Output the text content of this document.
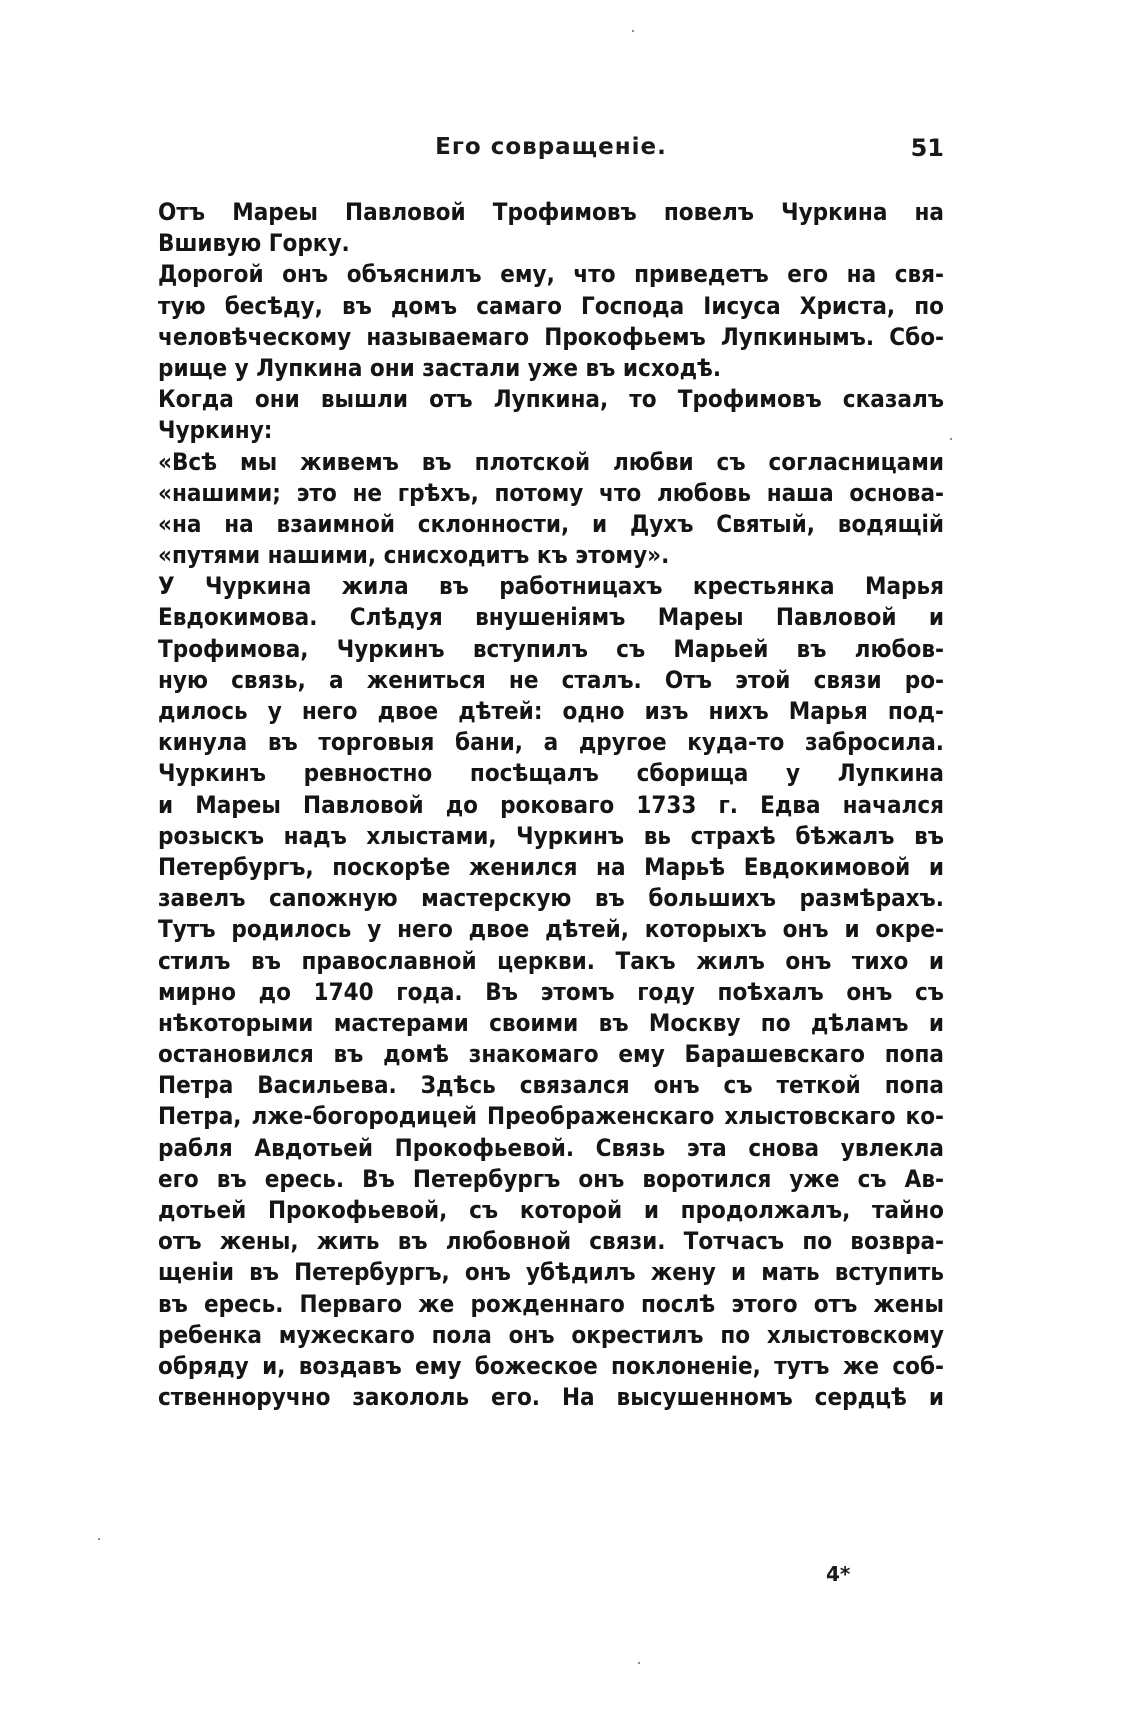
Его совращеніе.	51
Отъ Мареы Павловой Трофимовъ повелъ Чуркина на
Вшивую Горку.
Дорогой онъ объяснилъ ему, что приведетъ его на свя-
тую бесѣду, въ домъ самаго Господа Іисуса Христа, по
человѣческому называемаго Прокофьемъ Лупкинымъ. Сбо-
рище у Лупкина они застали уже въ исходѣ.
Когда они вышли отъ Лупкина, то Трофимовъ сказалъ
Чуркину:
«Всѣ мы живемъ въ плотской любви съ согласницами
«нашими; это не грѣхъ, потому что любовь наша основа-
«на на взаимной склонности, и Духъ Святый, водящій
«путями нашими, снисходитъ къ этому».
У Чуркина жила въ работницахъ крестьянка Марья
Евдокимова. Слѣдуя внушеніямъ Мареы Павловой и
Трофимова, Чуркинъ вступилъ съ Марьей въ любов-
ную связь, а жениться не сталъ. Отъ этой связи ро-
дилось у него двое дѣтей: одно изъ нихъ Марья под-
кинула въ торговыя бани, а другое куда-то забросила.
Чуркинъ ревностно посѣщалъ сборища у Лупкина
и Мареы Павловой до роковаго 1733 г. Едва начался
розыскъ надъ хлыстами, Чуркинъ вь страхѣ бѣжалъ въ
Петербургъ, поскорѣе женился на Марьѣ Евдокимовой и
завелъ сапожную мастерскую въ большихъ размѣрахъ.
Тутъ родилось у него двое дѣтей, которыхъ онъ и окре-
стилъ въ православной церкви. Такъ жилъ онъ тихо и
мирно до 1740 года. Въ этомъ году поѣхалъ онъ съ
нѣкоторыми мастерами своими въ Москву по дѣламъ и
остановился въ домѣ знакомаго ему Барашевскаго попа
Петра Васильева. Здѣсь связался онъ съ теткой попа
Петра, лже-богородицей Преображенскаго хлыстовскаго ко-
рабля Авдотьей Прокофьевой. Связь эта снова увлекла
его въ ересь. Въ Петербургъ онъ воротился уже съ Ав-
дотьей Прокофьевой, съ которой и продолжалъ, тайно
отъ жены, жить въ любовной связи. Тотчасъ по возвра-
щеніи въ Петербургъ, онъ убѣдилъ жену и мать вступить
въ ересь. Перваго же рожденнаго послѣ этого отъ жены
ребенка мужескаго пола онъ окрестилъ по хлыстовскому
обряду и, воздавъ ему божеское поклоненіе, тутъ же соб-
ственноручно закололь его. На высушенномъ сердцѣ и
4*
